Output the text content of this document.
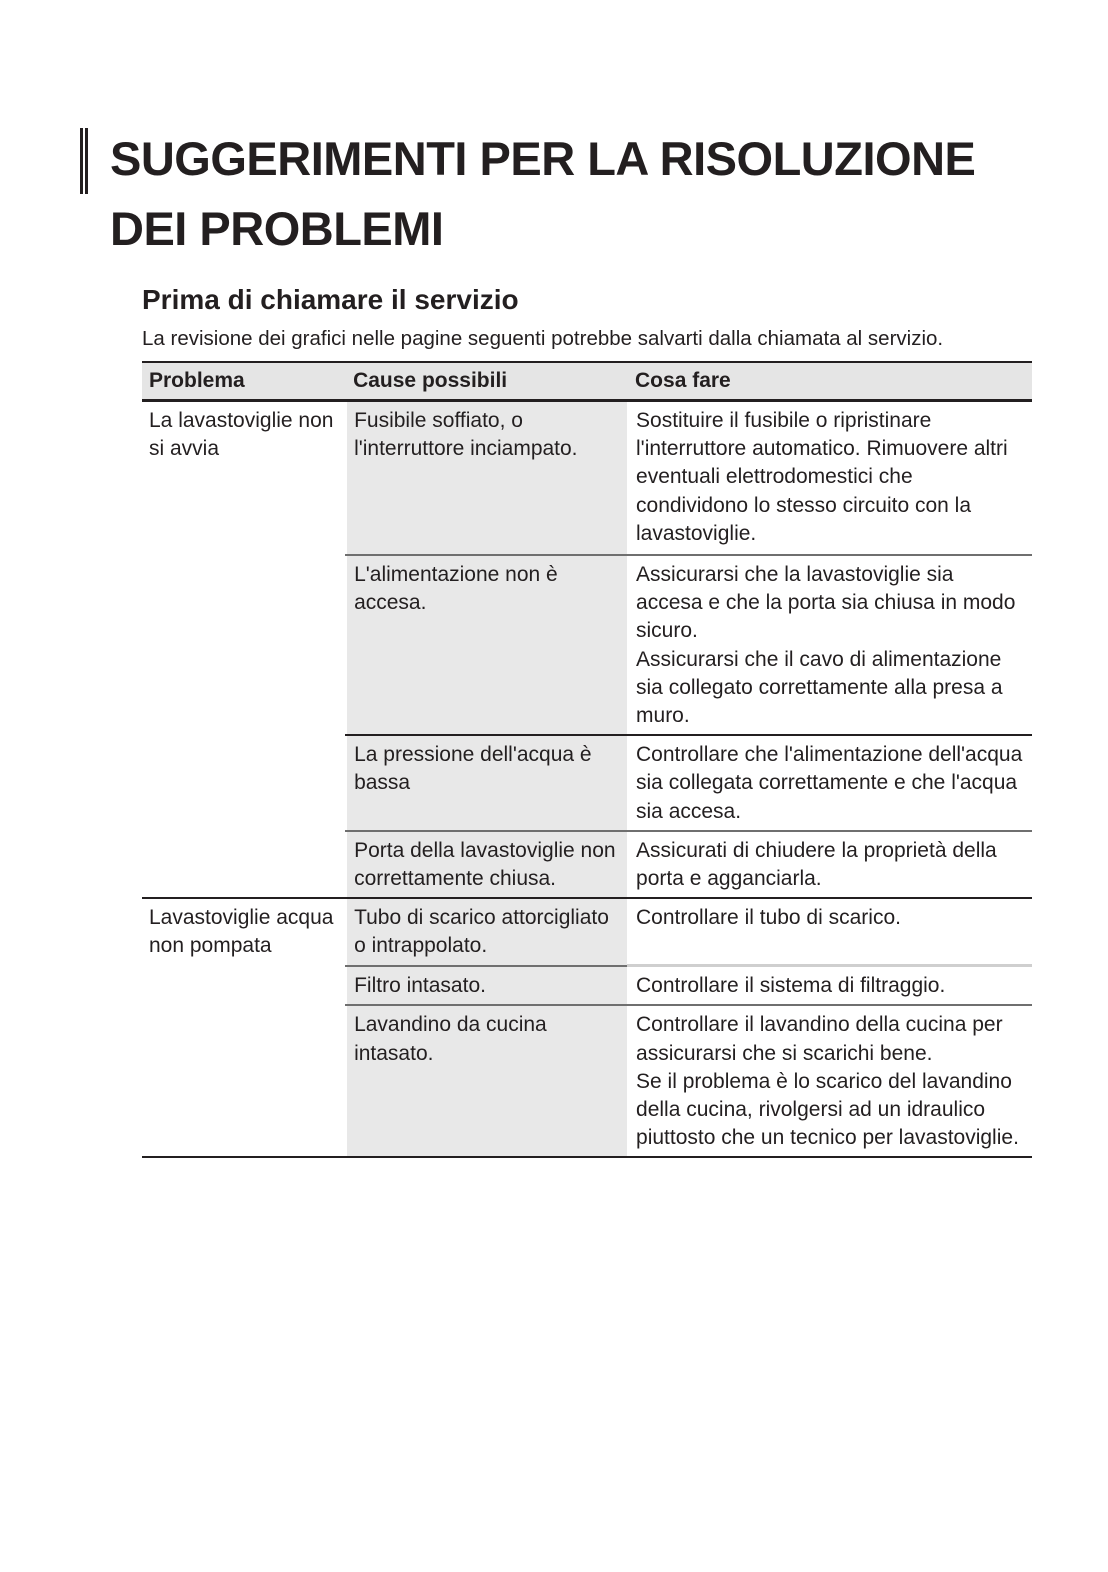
SUGGERIMENTI PER LA RISOLUZIONE
DEI PROBLEMI
Prima di chiamare il servizio

La revisione dei grafici nelle pagine seguenti potrebbe salvarti dalla chiamata al servizio.

Problema	Cause possibili	Cosa fare
La lavastoviglie non si avvia	Fusibile soffiato, o l'interruttore inciampato.	Sostituire il fusibile o ripristinare l'interruttore automatico. Rimuovere altri eventuali elettrodomestici che condividono lo stesso circuito con la lavastoviglie.

	L'alimentazione non è accesa.	Assicurarsi che la lavastoviglie sia accesa e che la porta sia chiusa in modo sicuro.
Assicurarsi che il cavo di alimentazione sia collegato correttamente alla presa a muro.

	La pressione dell'acqua è bassa	Controllare che l'alimentazione dell'acqua sia collegata correttamente e che l'acqua sia accesa.

	Porta della lavastoviglie non correttamente chiusa.	Assicurati di chiudere la proprietà della porta e agganciarla.

Lavastoviglie acqua non pompata	Tubo di scarico attorcigliato o intrappolato.	Controllare il tubo di scarico.

	Filtro intasato.	Controllare il sistema di filtraggio.

	Lavandino da cucina intasato.	Controllare il lavandino della cucina per assicurarsi che si scarichi bene.
Se il problema è lo scarico del lavandino della cucina, rivolgersi ad un idraulico piuttosto che un tecnico per lavastoviglie.
